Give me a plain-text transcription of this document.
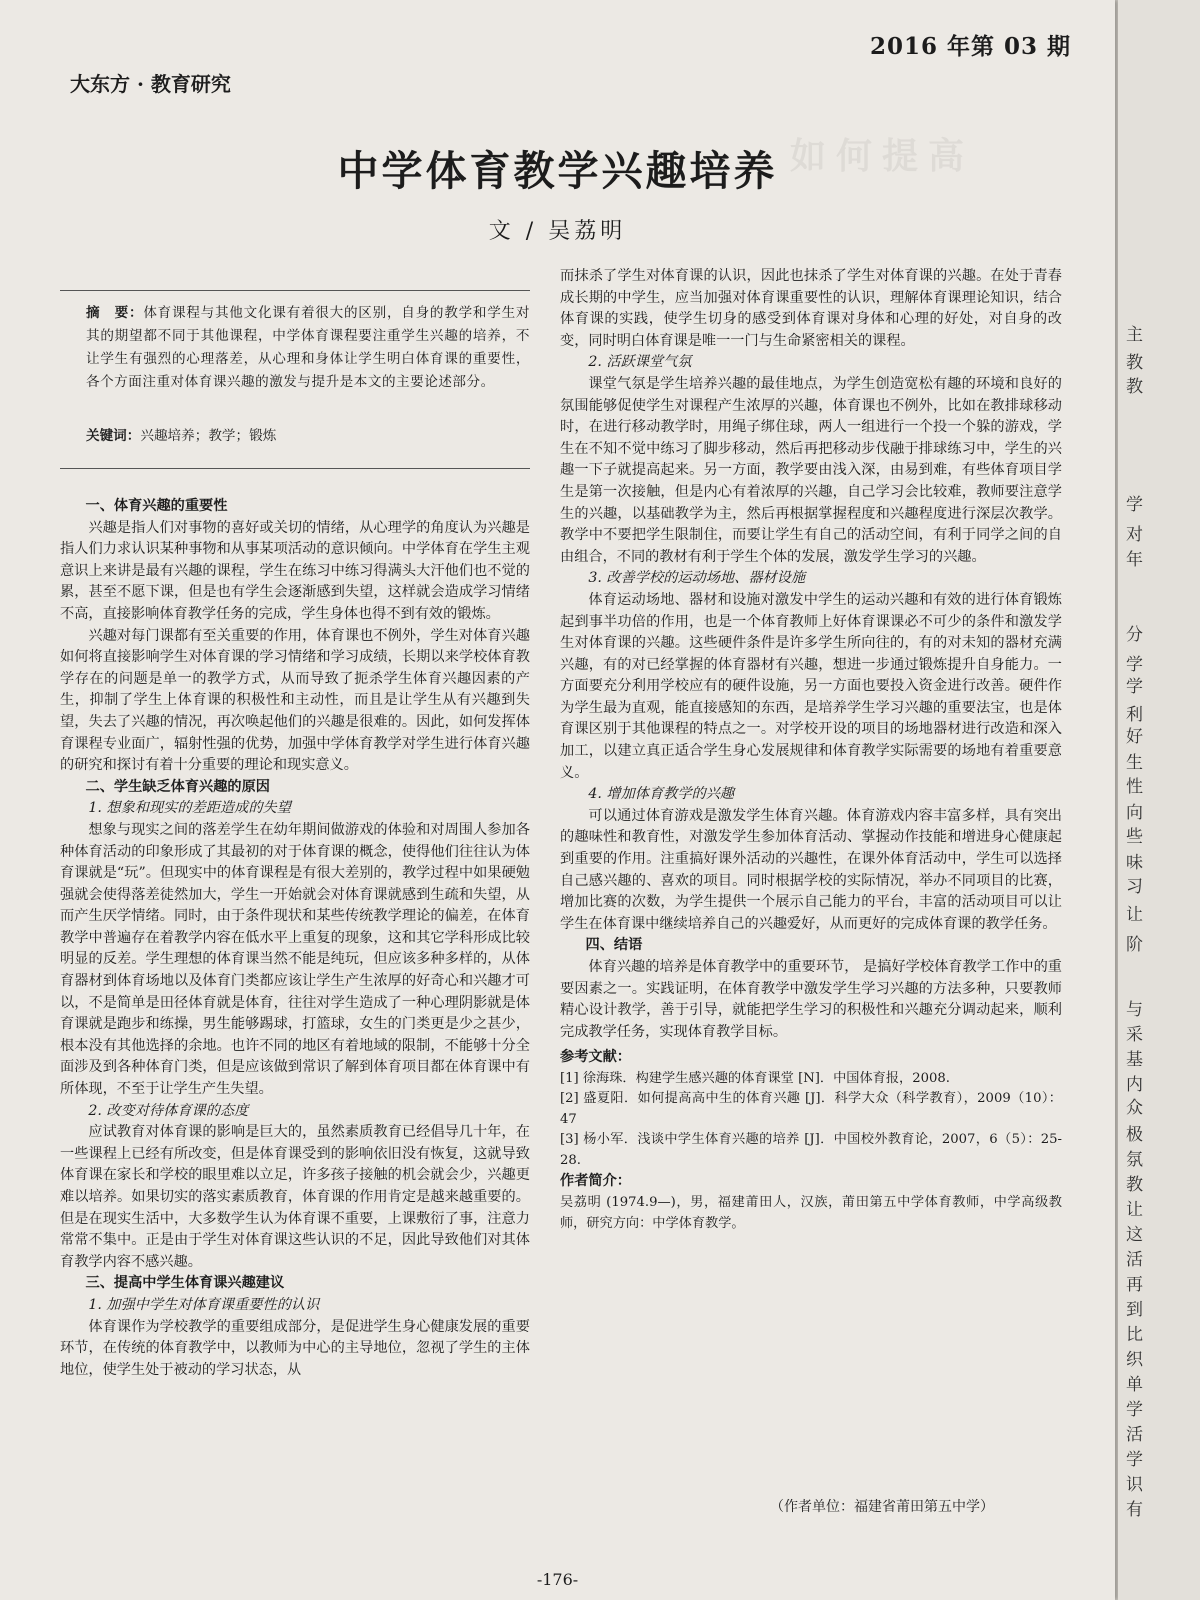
如何提高
2016 年第 03 期
大东方 · 教育研究
中学体育教学兴趣培养
文 / 吴荔明
摘　要：体育课程与其他文化课有着很大的区别，自身的教学和学生对其的期望都不同于其他课程，中学体育课程要注重学生兴趣的培养，不让学生有强烈的心理落差，从心理和身体让学生明白体育课的重要性，各个方面注重对体育课兴趣的激发与提升是本文的主要论述部分。
关键词：兴趣培养；教学；锻炼
一、体育兴趣的重要性

兴趣是指人们对事物的喜好或关切的情绪，从心理学的角度认为兴趣是指人们力求认识某种事物和从事某项活动的意识倾向。中学体育在学生主观意识上来讲是最有兴趣的课程，学生在练习中练习得满头大汗他们也不觉的累，甚至不愿下课，但是也有学生会逐渐感到失望，这样就会造成学习情绪不高，直接影响体育教学任务的完成，学生身体也得不到有效的锻炼。

兴趣对每门课都有至关重要的作用，体育课也不例外，学生对体育兴趣如何将直接影响学生对体育课的学习情绪和学习成绩，长期以来学校体育教学存在的问题是单一的教学方式，从而导致了扼杀学生体育兴趣因素的产生，抑制了学生上体育课的积极性和主动性，而且是让学生从有兴趣到失望，失去了兴趣的情况，再次唤起他们的兴趣是很难的。因此，如何发挥体育课程专业面广，辐射性强的优势，加强中学体育教学对学生进行体育兴趣的研究和探讨有着十分重要的理论和现实意义。

二、学生缺乏体育兴趣的原因
1. 想象和现实的差距造成的失望

想象与现实之间的落差学生在幼年期间做游戏的体验和对周围人参加各种体育活动的印象形成了其最初的对于体育课的概念，使得他们往往认为体育课就是“玩”。但现实中的体育课程是有很大差别的，教学过程中如果硬勉强就会使得落差徒然加大，学生一开始就会对体育课就感到生疏和失望，从而产生厌学情绪。同时，由于条件现状和某些传统教学理论的偏差，在体育教学中普遍存在着教学内容在低水平上重复的现象，这和其它学科形成比较明显的反差。学生理想的体育课当然不能是纯玩，但应该多种多样的，从体育器材到体育场地以及体育门类都应该让学生产生浓厚的好奇心和兴趣才可以，不是简单是田径体育就是体育，往往对学生造成了一种心理阴影就是体育课就是跑步和练操，男生能够踢球，打篮球，女生的门类更是少之甚少，根本没有其他选择的余地。也许不同的地区有着地域的限制，不能够十分全面涉及到各种体育门类，但是应该做到常识了解到体育项目都在体育课中有所体现，不至于让学生产生失望。

2. 改变对待体育课的态度

应试教育对体育课的影响是巨大的，虽然素质教育已经倡导几十年，在一些课程上已经有所改变，但是体育课受到的影响依旧没有恢复，这就导致体育课在家长和学校的眼里难以立足，许多孩子接触的机会就会少，兴趣更难以培养。如果切实的落实素质教育，体育课的作用肯定是越来越重要的。但是在现实生活中，大多数学生认为体育课不重要，上课敷衍了事，注意力常常不集中。正是由于学生对体育课这些认识的不足，因此导致他们对其体育教学内容不感兴趣。

三、提高中学生体育课兴趣建议
1. 加强中学生对体育课重要性的认识

体育课作为学校教学的重要组成部分，是促进学生身心健康发展的重要环节，在传统的体育教学中，以教师为中心的主导地位，忽视了学生的主体地位，使学生处于被动的学习状态，从

而抹杀了学生对体育课的认识，因此也抹杀了学生对体育课的兴趣。在处于青春成长期的中学生，应当加强对体育课重要性的认识，理解体育课理论知识，结合体育课的实践，使学生切身的感受到体育课对身体和心理的好处，对自身的改变，同时明白体育课是唯一一门与生命紧密相关的课程。

2. 活跃课堂气氛

课堂气氛是学生培养兴趣的最佳地点，为学生创造宽松有趣的环境和良好的氛围能够促使学生对课程产生浓厚的兴趣，体育课也不例外，比如在教排球移动时，在进行移动教学时，用绳子绑住球，两人一组进行一个投一个躲的游戏，学生在不知不觉中练习了脚步移动，然后再把移动步伐融于排球练习中，学生的兴趣一下子就提高起来。另一方面，教学要由浅入深，由易到难，有些体育项目学生是第一次接触，但是内心有着浓厚的兴趣，自己学习会比较难，教师要注意学生的兴趣，以基础教学为主，然后再根据掌握程度和兴趣程度进行深层次教学。教学中不要把学生限制住，而要让学生有自己的活动空间，有利于同学之间的自由组合，不同的教材有利于学生个体的发展，激发学生学习的兴趣。

3. 改善学校的运动场地、器材设施

体育运动场地、器材和设施对激发中学生的运动兴趣和有效的进行体育锻炼起到事半功倍的作用，也是一个体育教师上好体育课课必不可少的条件和激发学生对体育课的兴趣。这些硬件条件是许多学生所向往的，有的对未知的器材充满兴趣，有的对已经掌握的体育器材有兴趣，想进一步通过锻炼提升自身能力。一方面要充分利用学校应有的硬件设施，另一方面也要投入资金进行改善。硬件作为学生最为直观，能直接感知的东西，是培养学生学习兴趣的重要法宝，也是体育课区别于其他课程的特点之一。对学校开设的项目的场地器材进行改造和深入加工，以建立真正适合学生身心发展规律和体育教学实际需要的场地有着重要意义。

4. 增加体育教学的兴趣

可以通过体育游戏是激发学生体育兴趣。体育游戏内容丰富多样，具有突出的趣味性和教育性，对激发学生参加体育活动、掌握动作技能和增进身心健康起到重要的作用。注重搞好课外活动的兴趣性，在课外体育活动中，学生可以选择自己感兴趣的、喜欢的项目。同时根据学校的实际情况，举办不同项目的比赛，增加比赛的次数，为学生提供一个展示自己能力的平台，丰富的活动项目可以让学生在体育课中继续培养自己的兴趣爱好，从而更好的完成体育课的教学任务。

四、结语

体育兴趣的培养是体育教学中的重要环节， 是搞好学校体育教学工作中的重要因素之一。实践证明，在体育教学中激发学生学习兴趣的方法多种，只要教师精心设计教学，善于引导，就能把学生学习的积极性和兴趣充分调动起来，顺利完成教学任务，实现体育教学目标。

参考文献：
[1] 徐海珠．构建学生感兴趣的体育课堂 [N]．中国体育报，2008.
[2] 盛夏阳．如何提高高中生的体育兴趣 [J]．科学大众（科学教育），2009（10）：47
[3] 杨小军．浅谈中学生体育兴趣的培养 [J]．中国校外教育论，2007，6（5）：25-28.
作者简介：
吴荔明 (1974.9—)，男，福建莆田人，汉族，莆田第五中学体育教师，中学高级教师，研究方向：中学体育教学。
（作者单位：福建省莆田第五中学）
-176-
主
教
教
学
对
年
分
学
学
利
好
生
性
向
些
味
习
让
阶
与
采
基
内
众
极
氛
教
让
这
活
再
到
比
织
单
学
活
学
识
有
